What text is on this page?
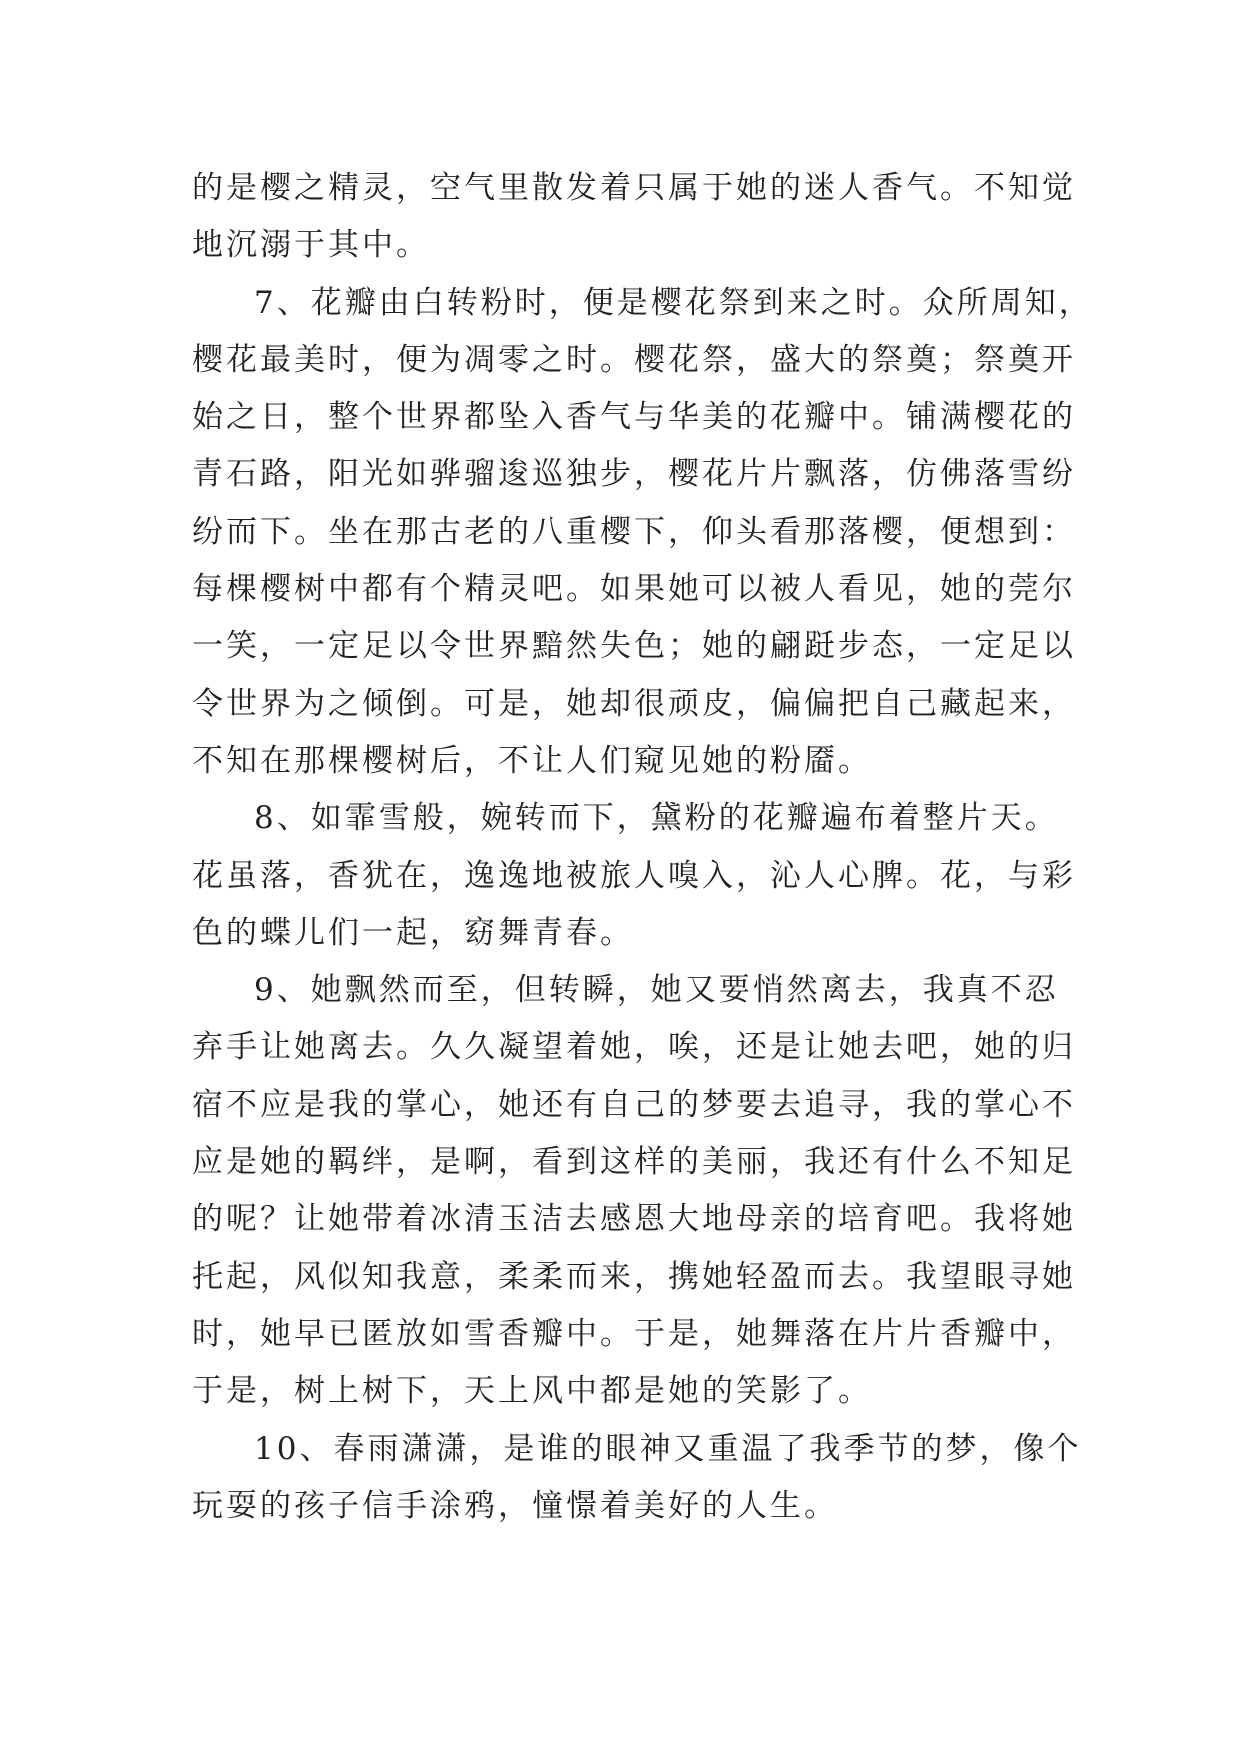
的是樱之精灵，空气里散发着只属于她的迷人香气。不知觉
地沉溺于其中。
7、花瓣由白转粉时，便是樱花祭到来之时。众所周知，
樱花最美时，便为凋零之时。樱花祭，盛大的祭奠；祭奠开
始之日，整个世界都坠入香气与华美的花瓣中。铺满樱花的
青石路，阳光如骅骝逡巡独步，樱花片片飘落，仿佛落雪纷
纷而下。坐在那古老的八重樱下，仰头看那落樱，便想到：
每棵樱树中都有个精灵吧。如果她可以被人看见，她的莞尔
一笑，一定足以令世界黯然失色；她的翩跹步态，一定足以
令世界为之倾倒。可是，她却很顽皮，偏偏把自己藏起来，
不知在那棵樱树后，不让人们窥见她的粉靥。
8、如霏雪般，婉转而下，黛粉的花瓣遍布着整片天。
花虽落，香犹在，逸逸地被旅人嗅入，沁人心脾。花，与彩
色的蝶儿们一起，窈舞青春。
9、她飘然而至，但转瞬，她又要悄然离去，我真不忍
弃手让她离去。久久凝望着她，唉，还是让她去吧，她的归
宿不应是我的掌心，她还有自己的梦要去追寻，我的掌心不
应是她的羁绊，是啊，看到这样的美丽，我还有什么不知足
的呢？让她带着冰清玉洁去感恩大地母亲的培育吧。我将她
托起，风似知我意，柔柔而来，携她轻盈而去。我望眼寻她
时，她早已匿放如雪香瓣中。于是，她舞落在片片香瓣中，
于是，树上树下，天上风中都是她的笑影了。
10、春雨潇潇，是谁的眼神又重温了我季节的梦，像个
玩耍的孩子信手涂鸦，憧憬着美好的人生。
